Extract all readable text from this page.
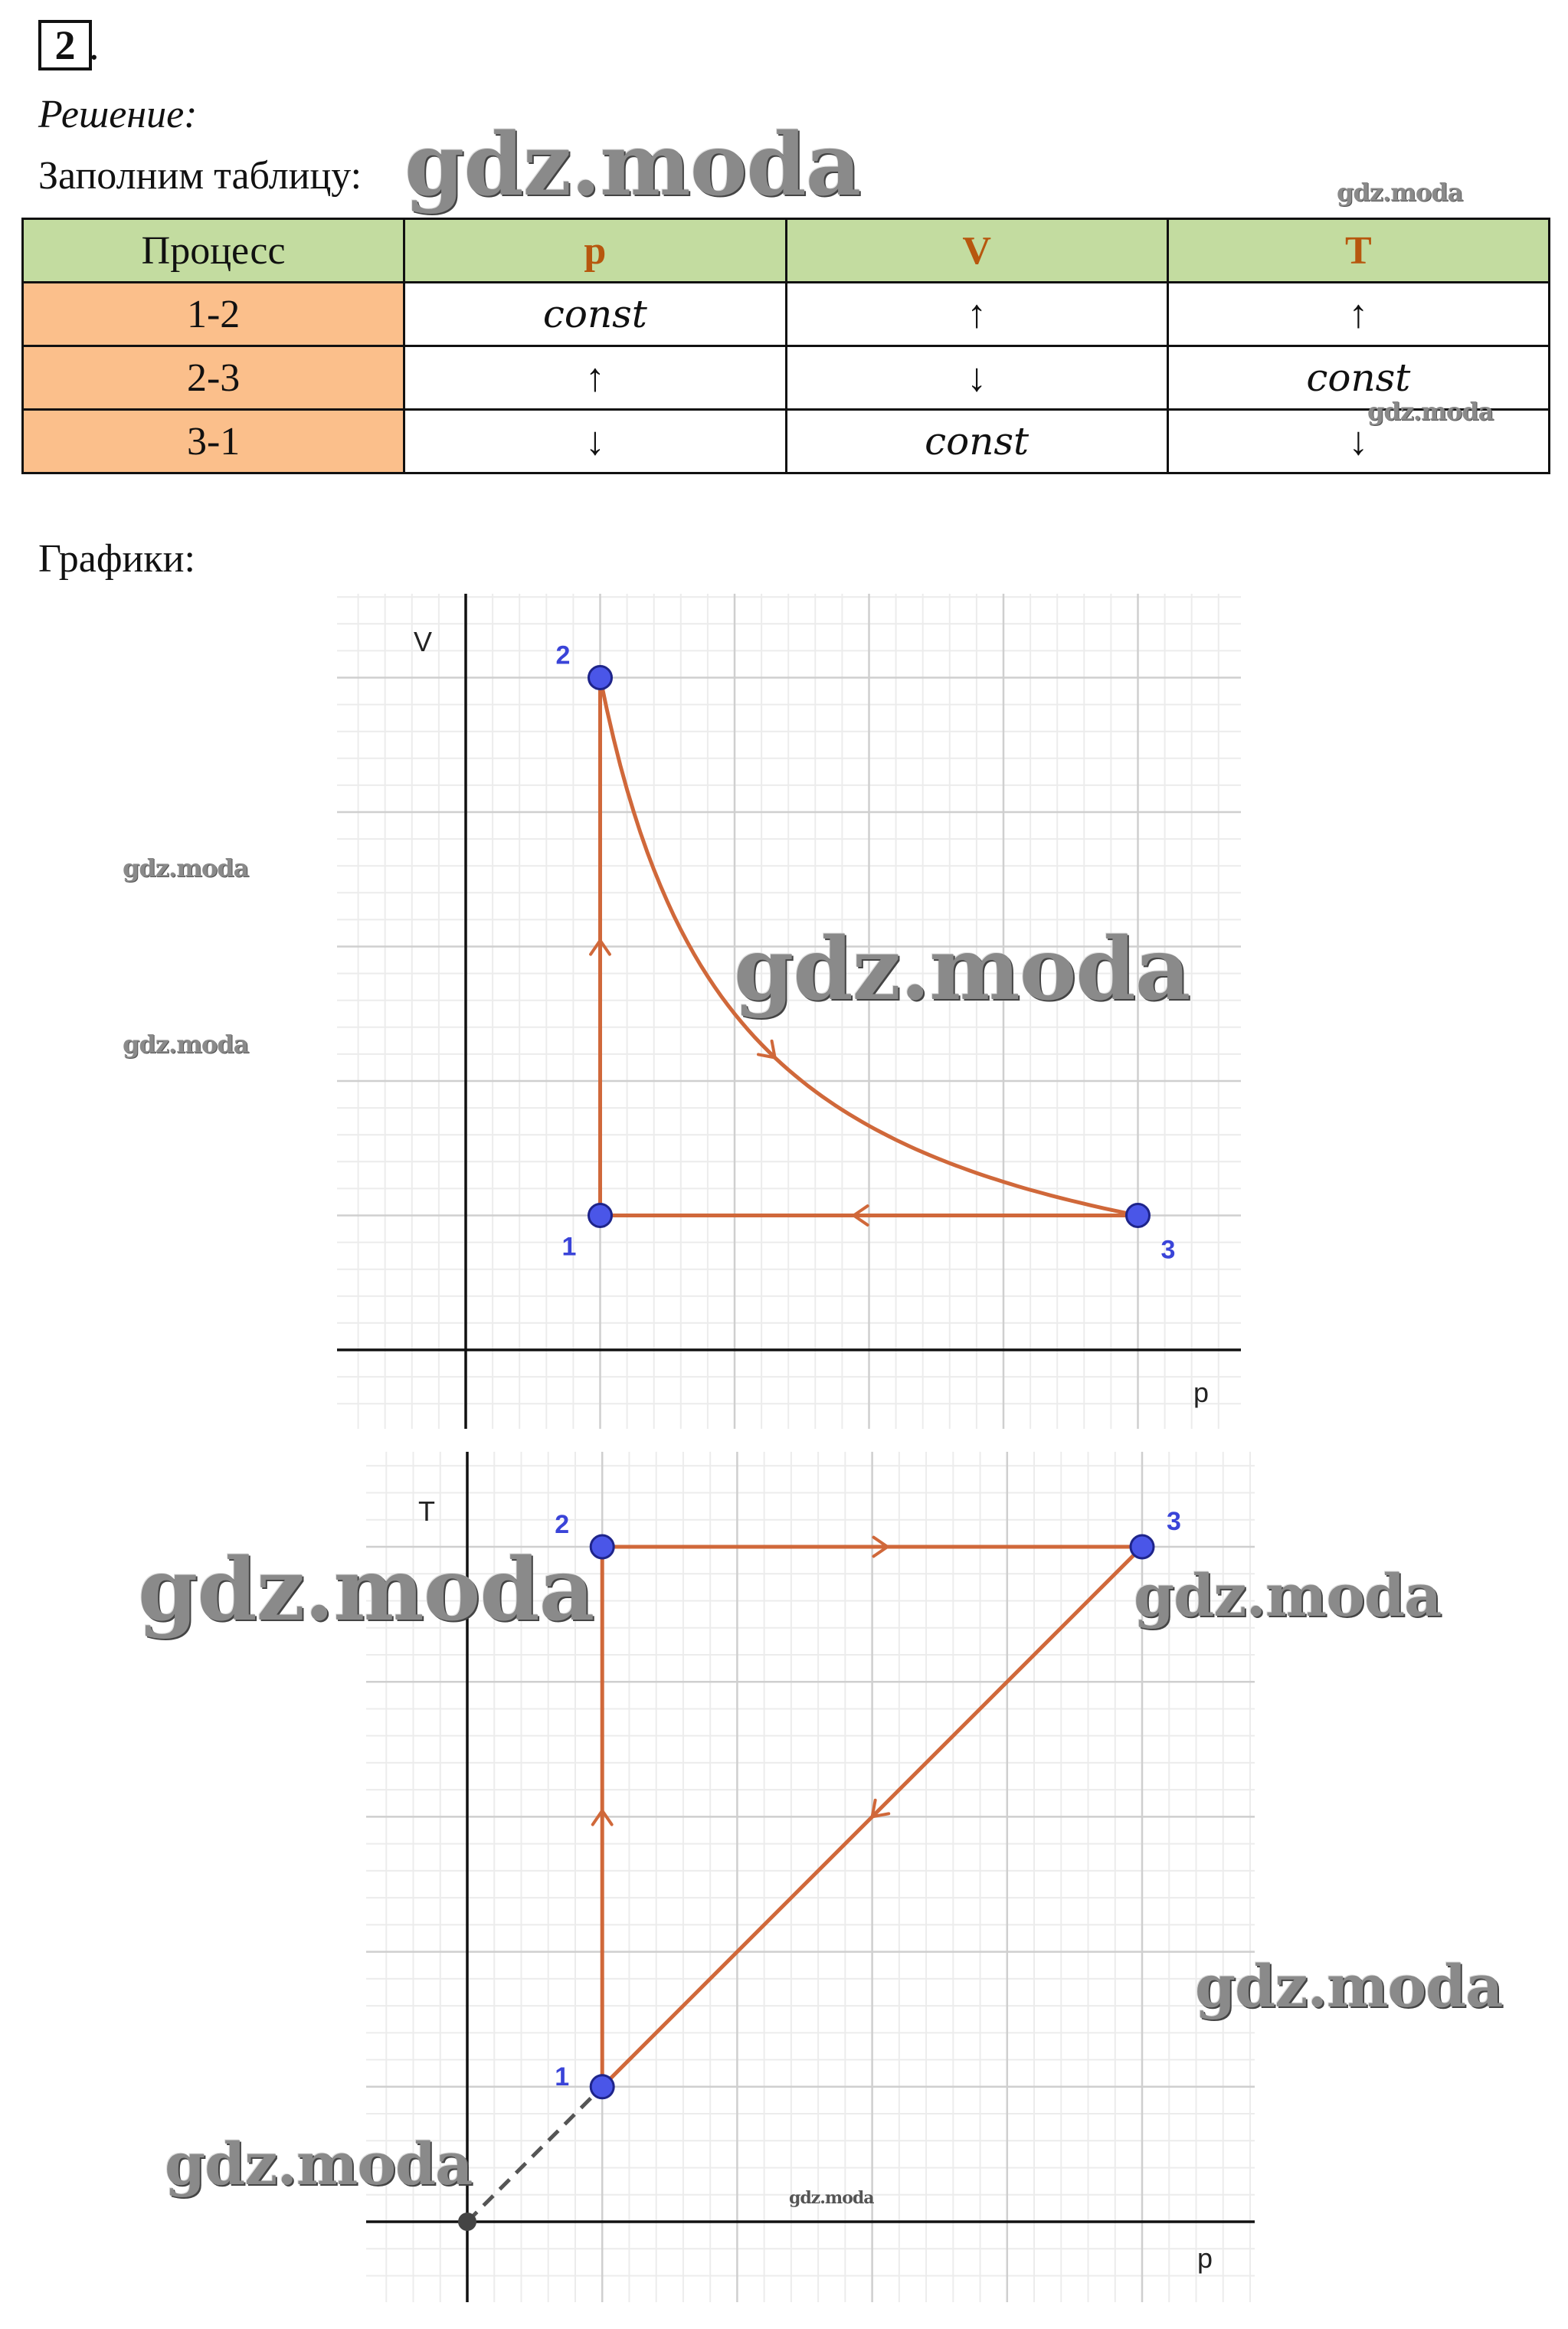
2 .
Решение:
Заполним таблицу:
Процесс	p	V	T
1-2	const	↑	↑
2-3	↑	↓	const
3-1	↓	const	↓
Графики:
1
2
3
V
p
1
2	3
T
p
gdz.moda	gdz.moda
gdz.moda
gdz.moda
gdz.moda
gdz.moda
gdz.moda	gdz.moda
gdz.moda
gdz.moda	gdz.moda
